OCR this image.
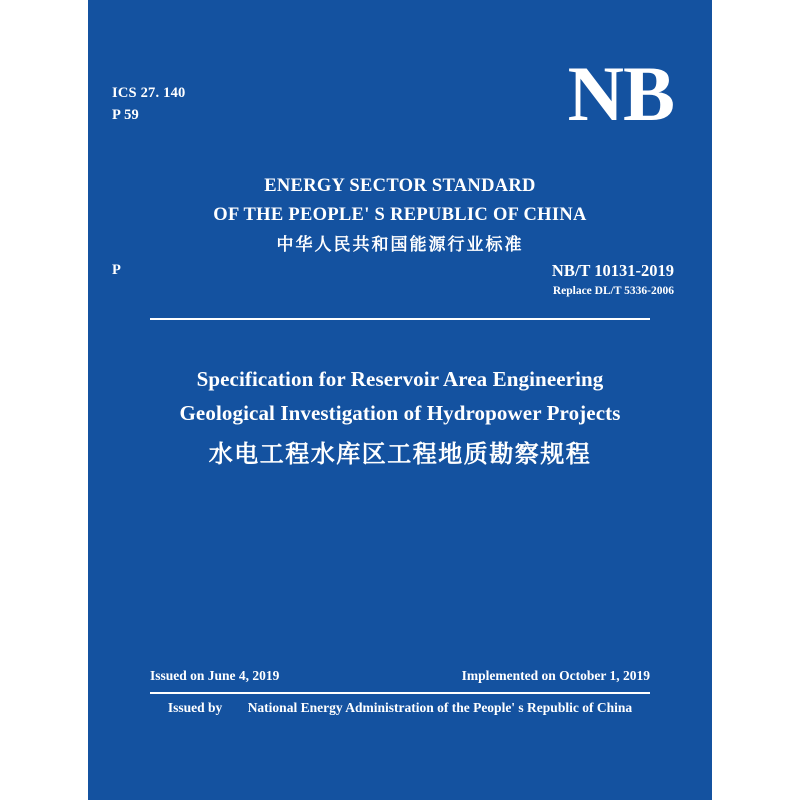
ICS 27. 140
P 59	NB
ENERGY SECTOR STANDARD
OF THE PEOPLE' S REPUBLIC OF CHINA
中华人民共和国能源行业标准
P	NB/T 10131-2019
Replace DL/T 5336-2006
Specification for Reservoir Area Engineering
Geological Investigation of Hydropower Projects
水电工程水库区工程地质勘察规程
Issued on June 4, 2019	Implemented on October 1, 2019
Issued by National Energy Administration of the People' s Republic of China
